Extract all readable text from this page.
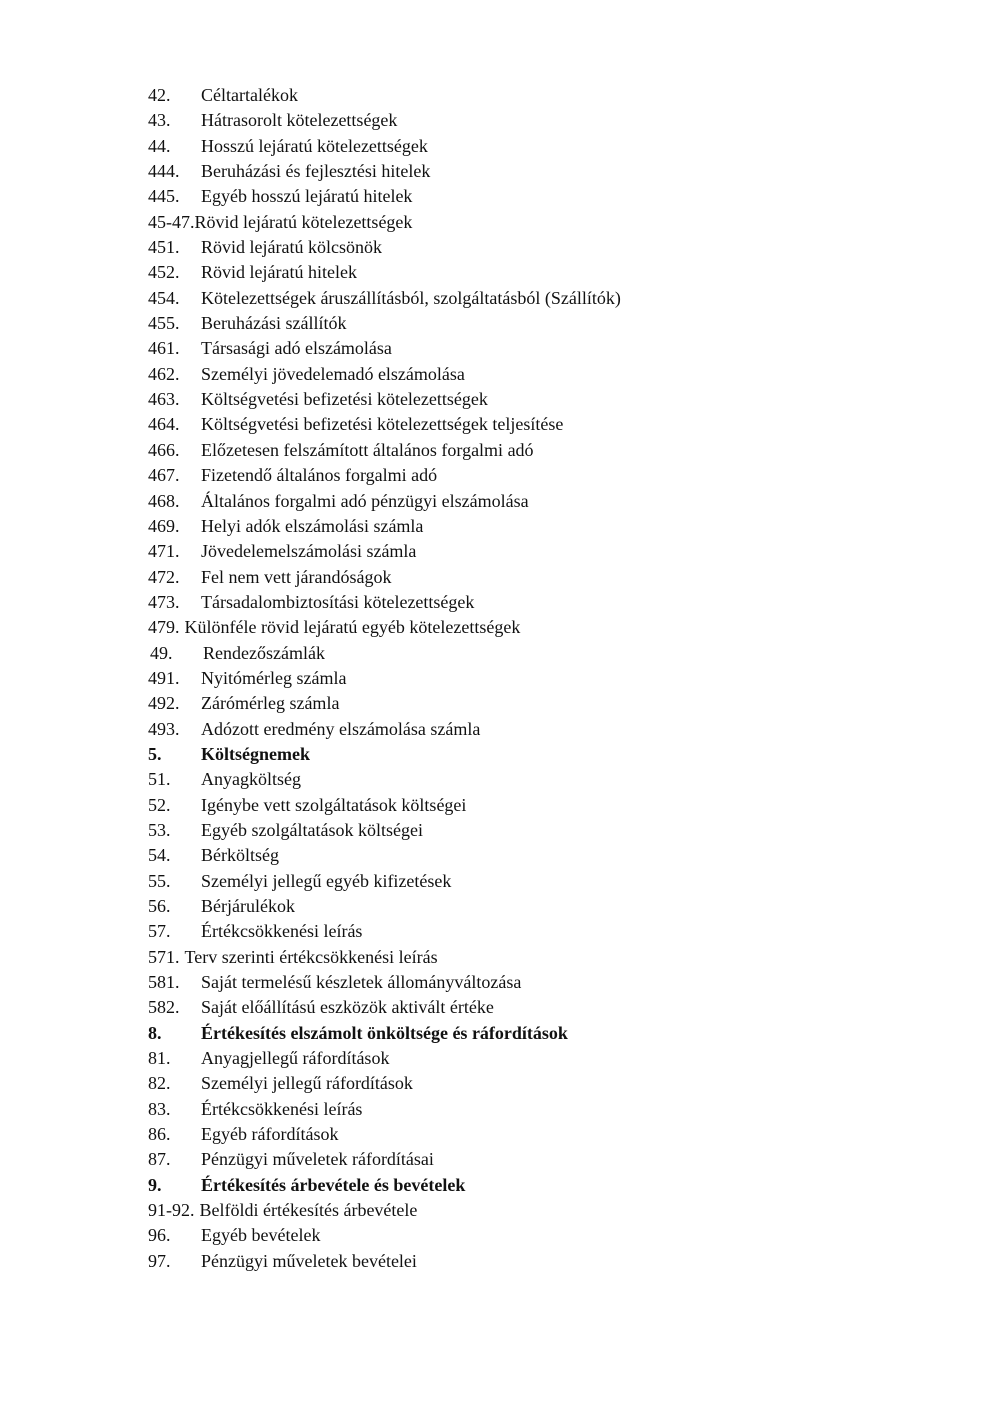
42. Céltartalékok
43. Hátrasorolt kötelezettségek
44. Hosszú lejáratú kötelezettségek
444. Beruházási és fejlesztési hitelek
445. Egyéb hosszú lejáratú hitelek
45-47.Rövid lejáratú kötelezettségek
451. Rövid lejáratú kölcsönök
452. Rövid lejáratú hitelek
454. Kötelezettségek áruszállításból, szolgáltatásból (Szállítók)
455. Beruházási szállítók
461. Társasági adó elszámolása
462. Személyi jövedelemadó elszámolása
463. Költségvetési befizetési kötelezettségek
464. Költségvetési befizetési kötelezettségek teljesítése
466. Előzetesen felszámított általános forgalmi adó
467. Fizetendő általános forgalmi adó
468. Általános forgalmi adó pénzügyi elszámolása
469. Helyi adók elszámolási számla
471. Jövedelemelszámolási számla
472. Fel nem vett járandóságok
473. Társadalombiztosítási kötelezettségek
479. Különféle rövid lejáratú egyéb kötelezettségek
49. Rendezőszámlák
491. Nyitómérleg számla
492. Zárómérleg számla
493. Adózott eredmény elszámolása számla
5. Költségnemek
51. Anyagköltség
52. Igénybe vett szolgáltatások költségei
53. Egyéb szolgáltatások költségei
54. Bérköltség
55. Személyi jellegű egyéb kifizetések
56. Bérjárulékok
57. Értékcsökkenési leírás
571. Terv szerinti értékcsökkenési leírás
581. Saját termelésű készletek állományváltozása
582. Saját előállítású eszközök aktivált értéke
8. Értékesítés elszámolt önköltsége és ráfordítások
81. Anyagjellegű ráfordítások
82. Személyi jellegű ráfordítások
83. Értékcsökkenési leírás
86. Egyéb ráfordítások
87. Pénzügyi műveletek ráfordításai
9. Értékesítés árbevétele és bevételek
91-92. Belföldi értékesítés árbevétele
96. Egyéb bevételek
97. Pénzügyi műveletek bevételei
